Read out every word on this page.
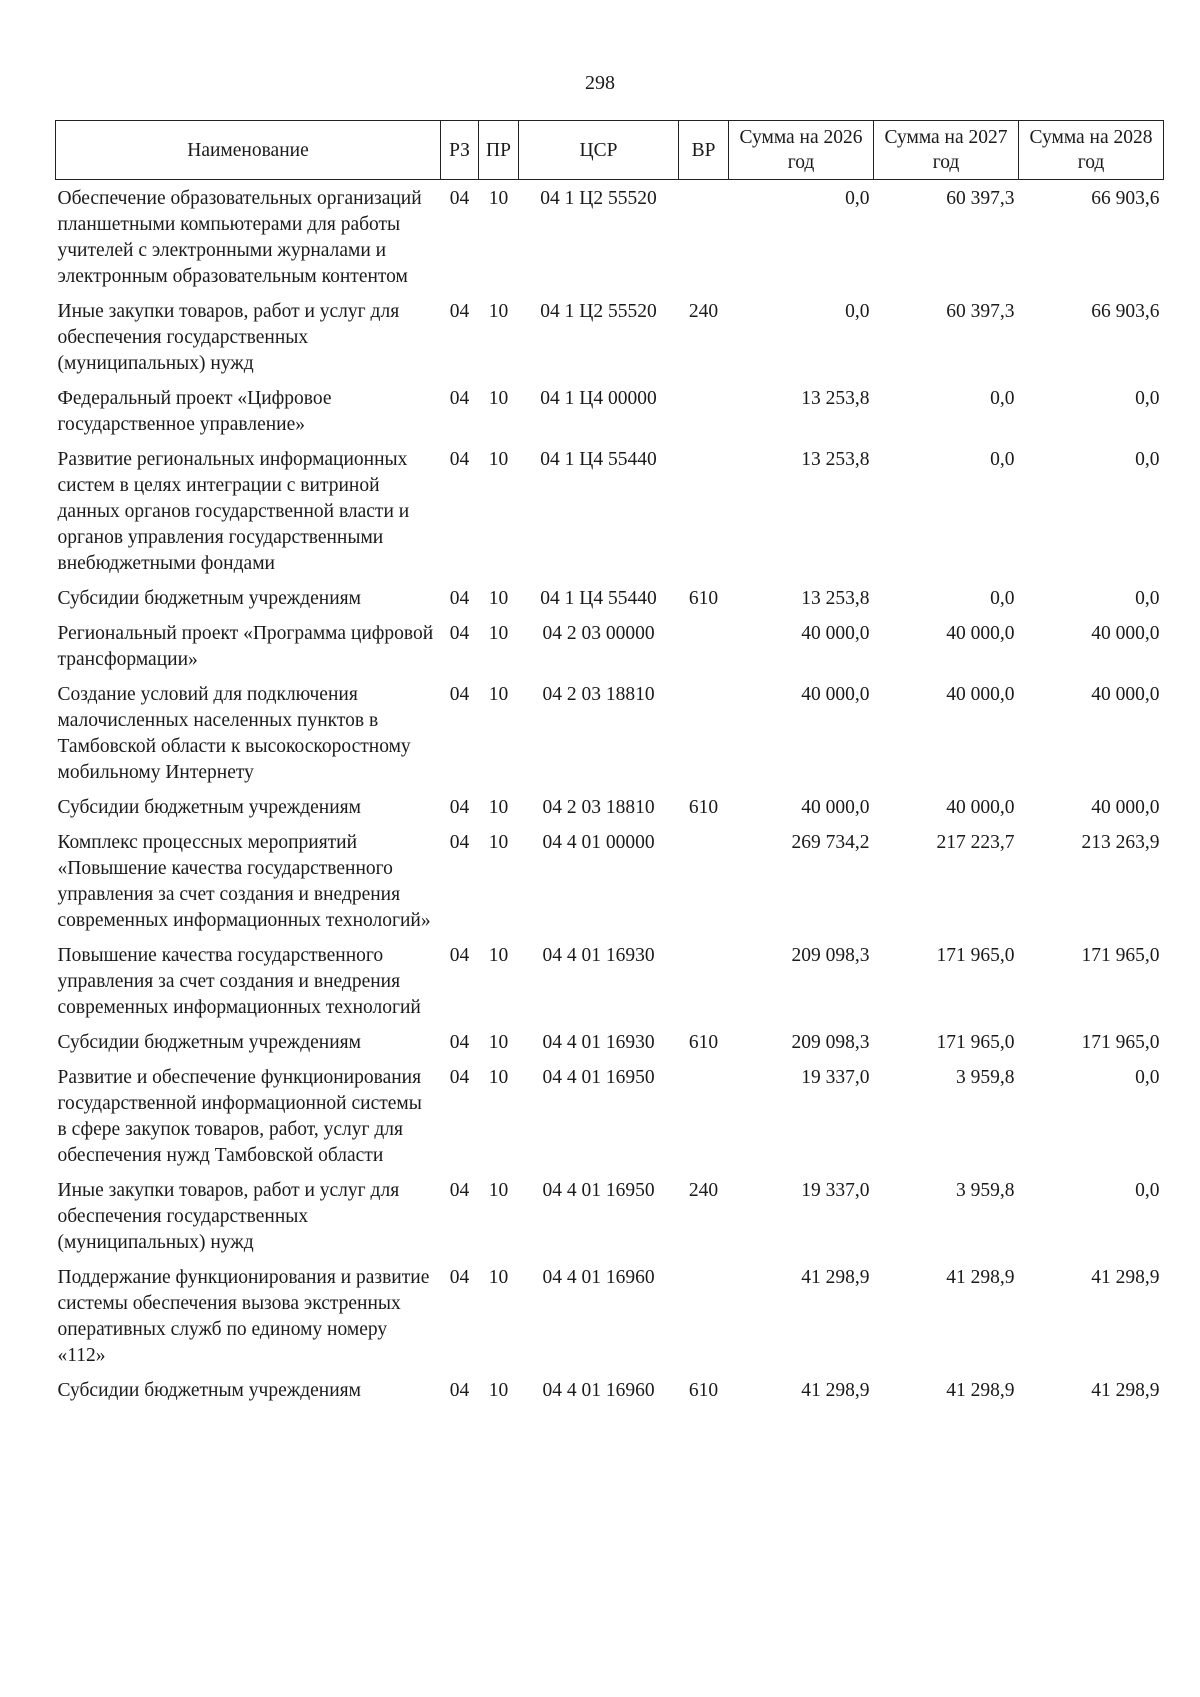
298
Наименование	РЗ	ПР	ЦСР	ВР	Сумма на 2026 год	Сумма на 2027 год	Сумма на 2028 год
Обеспечение образовательных организаций планшетными компьютерами для работы учителей с электронными журналами и электронным образовательным контентом	04	10	04 1 Ц2 55520		0,0	60 397,3	66 903,6
Иные закупки товаров, работ и услуг для обеспечения государственных (муниципальных) нужд	04	10	04 1 Ц2 55520	240	0,0	60 397,3	66 903,6
Федеральный проект «Цифровое государственное управление»	04	10	04 1 Ц4 00000		13 253,8	0,0	0,0
Развитие региональных информационных систем в целях интеграции с витриной данных органов государственной власти и органов управления государственными внебюджетными фондами	04	10	04 1 Ц4 55440		13 253,8	0,0	0,0
Субсидии бюджетным учреждениям	04	10	04 1 Ц4 55440	610	13 253,8	0,0	0,0
Региональный проект «Программа цифровой трансформации»	04	10	04 2 03 00000		40 000,0	40 000,0	40 000,0
Создание условий для подключения малочисленных населенных пунктов в Тамбовской области к высокоскоростному мобильному Интернету	04	10	04 2 03 18810		40 000,0	40 000,0	40 000,0
Субсидии бюджетным учреждениям	04	10	04 2 03 18810	610	40 000,0	40 000,0	40 000,0
Комплекс процессных мероприятий «Повышение качества государственного управления за счет создания и внедрения современных информационных технологий»	04	10	04 4 01 00000		269 734,2	217 223,7	213 263,9
Повышение качества государственного управления за счет создания и внедрения современных информационных технологий	04	10	04 4 01 16930		209 098,3	171 965,0	171 965,0
Субсидии бюджетным учреждениям	04	10	04 4 01 16930	610	209 098,3	171 965,0	171 965,0
Развитие и обеспечение функционирования государственной информационной системы в сфере закупок товаров, работ, услуг для обеспечения нужд Тамбовской области	04	10	04 4 01 16950		19 337,0	3 959,8	0,0
Иные закупки товаров, работ и услуг для обеспечения государственных (муниципальных) нужд	04	10	04 4 01 16950	240	19 337,0	3 959,8	0,0
Поддержание функционирования и развитие системы обеспечения вызова экстренных оперативных служб по единому номеру «112»	04	10	04 4 01 16960		41 298,9	41 298,9	41 298,9
Субсидии бюджетным учреждениям	04	10	04 4 01 16960	610	41 298,9	41 298,9	41 298,9
